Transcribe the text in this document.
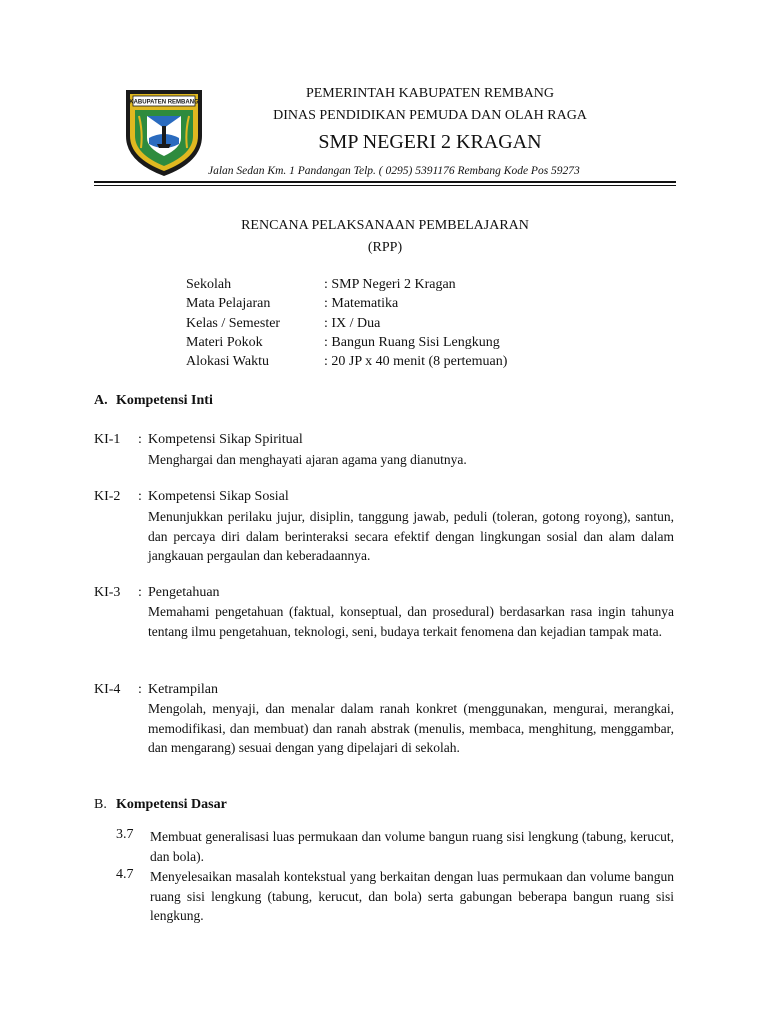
KABUPATEN REMBANG
PEMERINTAH KABUPATEN REMBANG
DINAS PENDIDIKAN PEMUDA DAN OLAH RAGA
SMP NEGERI 2 KRAGAN
Jalan Sedan Km. 1 Pandangan Telp. ( 0295) 5391176 Rembang Kode Pos 59273
RENCANA PELAKSANAAN PEMBELAJARAN
(RPP)
Sekolah	: SMP Negeri 2 Kragan
Mata Pelajaran	: Matematika
Kelas / Semester	: IX / Dua
Materi Pokok	: Bangun Ruang Sisi Lengkung
Alokasi Waktu	: 20 JP x 40 menit (8 pertemuan)
A. Kompetensi Inti
KI-1 : Kompetensi Sikap Spiritual
Menghargai dan menghayati ajaran agama yang dianutnya.
KI-2 : Kompetensi Sikap Sosial
Menunjukkan perilaku jujur, disiplin, tanggung jawab, peduli (toleran, gotong royong), santun, dan percaya diri dalam berinteraksi secara efektif dengan lingkungan sosial dan alam dalam jangkauan pergaulan dan keberadaannya.
KI-3 : Pengetahuan
Memahami pengetahuan (faktual, konseptual, dan prosedural) berdasarkan rasa ingin tahunya tentang ilmu pengetahuan, teknologi, seni, budaya terkait fenomena dan kejadian tampak mata.
KI-4 : Ketrampilan
Mengolah, menyaji, dan menalar dalam ranah konkret (menggunakan, mengurai, merangkai, memodifikasi, dan membuat) dan ranah abstrak (menulis, membaca, menghitung, menggambar, dan mengarang) sesuai dengan yang dipelajari di sekolah.
B. Kompetensi Dasar
3.7 Membuat generalisasi luas permukaan dan volume bangun ruang sisi lengkung (tabung, kerucut, dan bola).
4.7 Menyelesaikan masalah kontekstual yang berkaitan dengan luas permukaan dan volume bangun ruang sisi lengkung (tabung, kerucut, dan bola) serta gabungan beberapa bangun ruang sisi lengkung.
